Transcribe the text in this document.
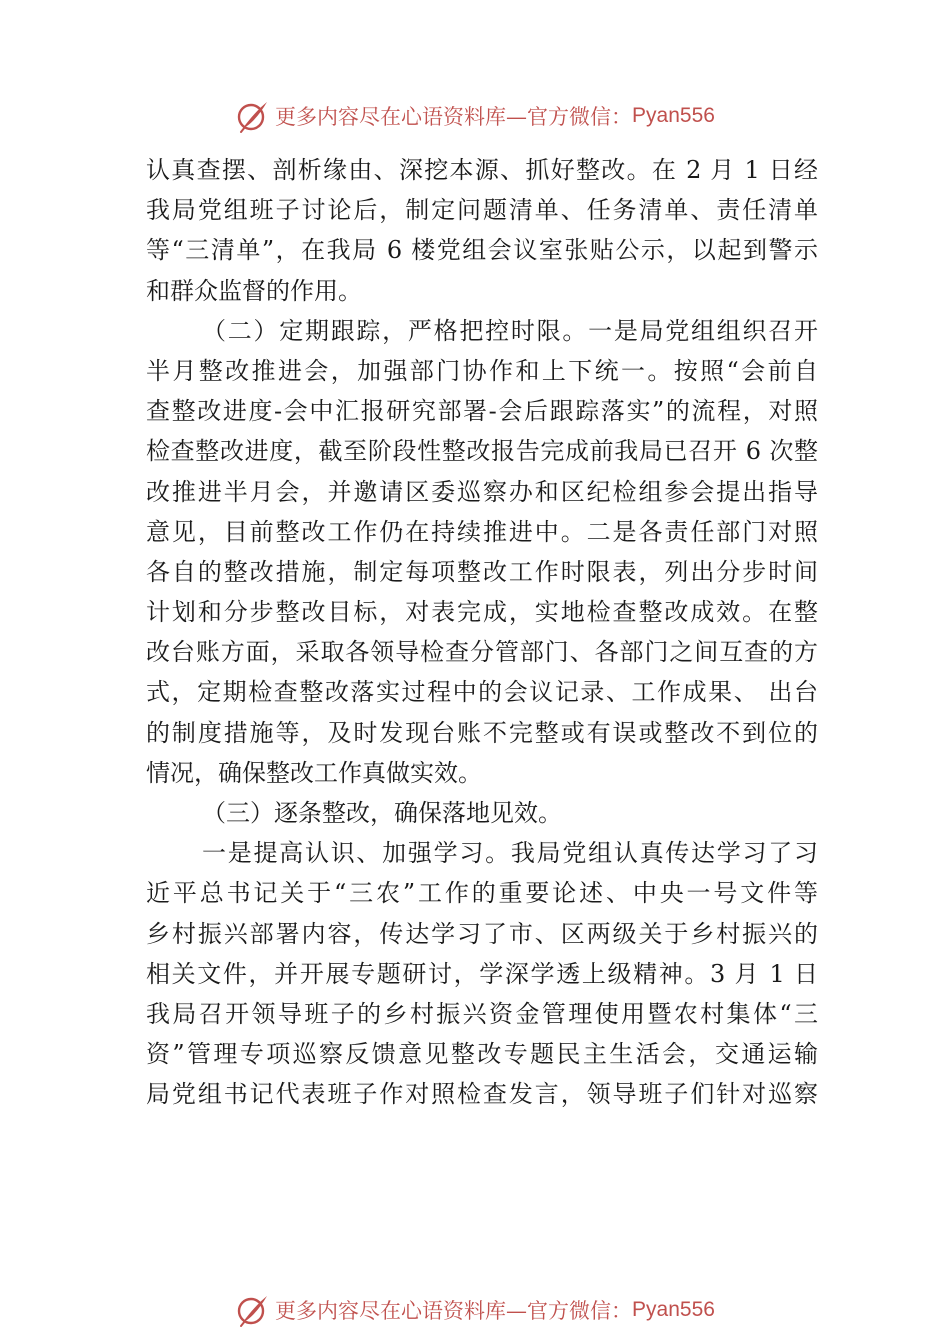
更多内容尽在心语资料库—官方微信： Pyan556
认真查摆、剖析缘由、深挖本源、抓好整改。在 2 月 1 日经
我局党组班子讨论后，制定问题清单、任务清单、责任清单
等“三清单”，在我局 6 楼党组会议室张贴公示，以起到警示
和群众监督的作用。
（二）定期跟踪，严格把控时限。一是局党组组织召开
半月整改推进会，加强部门协作和上下统一。按照“会前自
查整改进度-会中汇报研究部署-会后跟踪落实”的流程，对照
检查整改进度，截至阶段性整改报告完成前我局已召开 6 次整
改推进半月会，并邀请区委巡察办和区纪检组参会提出指导
意见，目前整改工作仍在持续推进中。二是各责任部门对照
各自的整改措施，制定每项整改工作时限表，列出分步时间
计划和分步整改目标，对表完成，实地检查整改成效。在整
改台账方面，采取各领导检查分管部门、各部门之间互查的方
式，定期检查整改落实过程中的会议记录、工作成果、 出台
的制度措施等，及时发现台账不完整或有误或整改不到位的
情况，确保整改工作真做实效。
（三）逐条整改，确保落地见效。
一是提高认识、加强学习。我局党组认真传达学习了习
近平总书记关于“三农”工作的重要论述、中央一号文件等
乡村振兴部署内容，传达学习了市、区两级关于乡村振兴的
相关文件，并开展专题研讨，学深学透上级精神。3 月 1 日
我局召开领导班子的乡村振兴资金管理使用暨农村集体“三
资”管理专项巡察反馈意见整改专题民主生活会，交通运输
局党组书记代表班子作对照检查发言，领导班子们针对巡察
更多内容尽在心语资料库—官方微信： Pyan556
